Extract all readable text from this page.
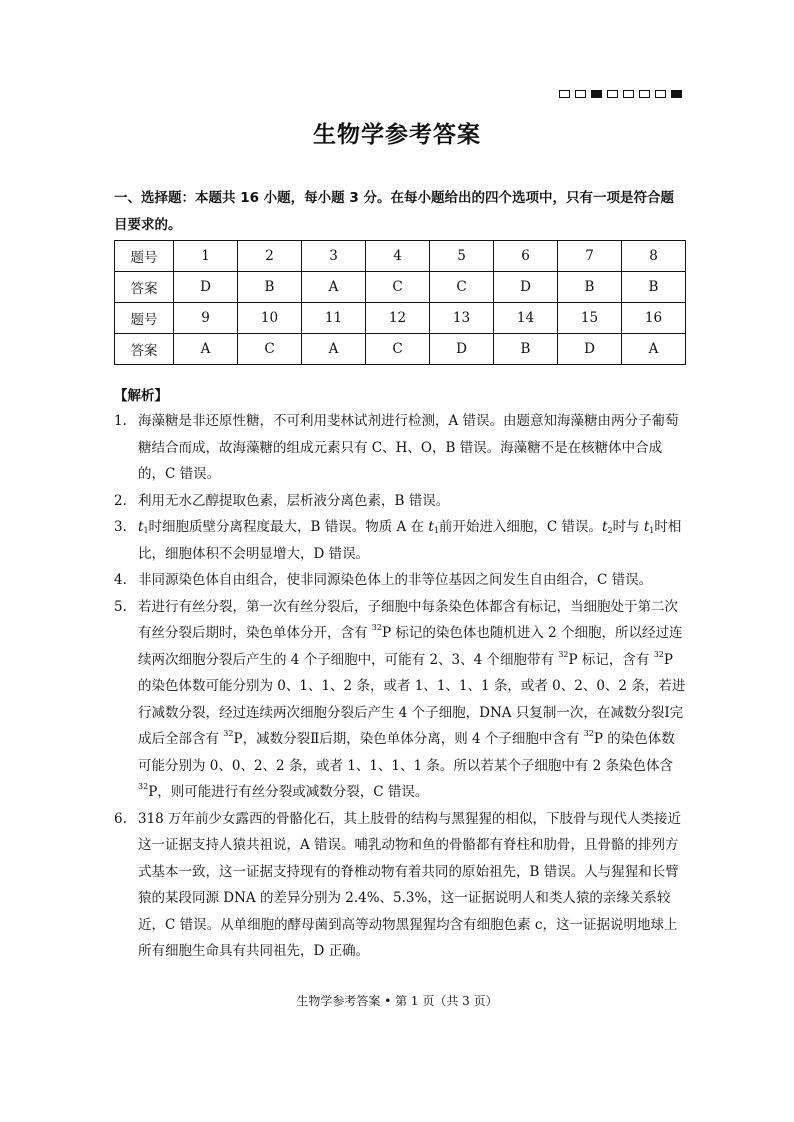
生物学参考答案
一、选择题：本题共 16 小题，每小题 3 分。在每小题给出的四个选项中，只有一项是符合题
目要求的。
题号	1	2	3	4	5	6	7	8
答案	D	B	A	C	C	D	B	B
题号	9	10	11	12	13	14	15	16
答案	A	C	A	C	D	B	D	A
【解析】
1. 海藻糖是非还原性糖，不可利用斐林试剂进行检测，A 错误。由题意知海藻糖由两分子葡萄糖结合而成，故海藻糖的组成元素只有 C、H、O，B 错误。海藻糖不是在核糖体中合成的，C 错误。
2. 利用无水乙醇提取色素，层析液分离色素，B 错误。
3. $t_1$时细胞质壁分离程度最大，B 错误。物质 A 在 $t_1$前开始进入细胞，C 错误。$t_2$时与 $t_1$时相比，细胞体积不会明显增大，D 错误。
4. 非同源染色体自由组合，使非同源染色体上的非等位基因之间发生自由组合，C 错误。
5. 若进行有丝分裂，第一次有丝分裂后，子细胞中每条染色体都含有标记，当细胞处于第二次有丝分裂后期时，染色单体分开，含有 $^{32}$P 标记的染色体也随机进入 2 个细胞，所以经过连续两次细胞分裂后产生的 4 个子细胞中，可能有 2、3、4 个细胞带有 $^{32}$P 标记，含有 $^{32}$P 的染色体数可能分别为 0、1、1、2 条，或者 1、1、1、1 条，或者 0、2、0、2 条，若进行减数分裂，经过连续两次细胞分裂后产生 4 个子细胞，DNA 只复制一次，在减数分裂Ⅰ完成后全部含有 $^{32}$P，减数分裂Ⅱ后期，染色单体分离，则 4 个子细胞中含有 $^{32}$P 的染色体数可能分别为 0、0、2、2 条，或者 1、1、1、1 条。所以若某个子细胞中有 2 条染色体含 $^{32}$P，则可能进行有丝分裂或减数分裂，C 错误。
6. 318 万年前少女露西的骨骼化石，其上肢骨的结构与黑猩猩的相似，下肢骨与现代人类接近这一证据支持人猿共祖说，A 错误。哺乳动物和鱼的骨骼都有脊柱和肋骨，且骨骼的排列方式基本一致，这一证据支持现有的脊椎动物有着共同的原始祖先，B 错误。人与猩猩和长臂猿的某段同源 DNA 的差异分别为 2.4%、5.3%，这一证据说明人和类人猿的亲缘关系较近，C 错误。从单细胞的酵母菌到高等动物黑猩猩均含有细胞色素 c，这一证据说明地球上所有细胞生命具有共同祖先，D 正确。
生物学参考答案 • 第 1 页（共 3 页）
